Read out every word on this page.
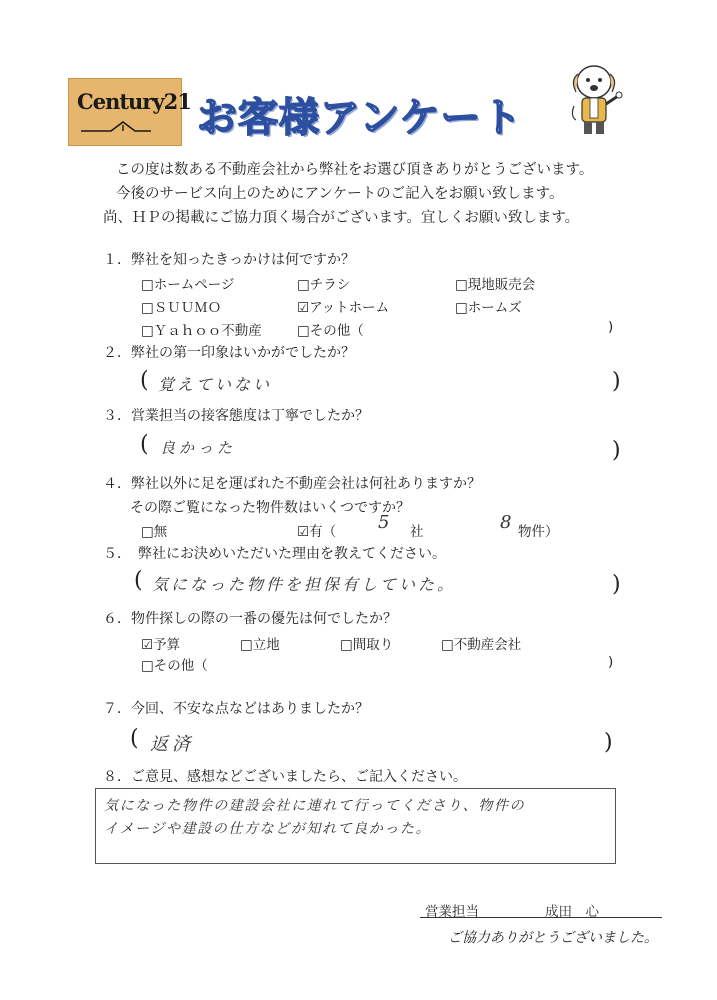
Century21 お客様アンケート
この度は数ある不動産会社から弊社をお選び頂きありがとうございます。
今後のサービス向上のためにアンケートのご記入をお願い致します。
尚、ＨＰの掲載にご協力頂く場合がございます。宜しくお願い致します。
１．弊社を知ったきっかけは何ですか？
□ホームページ	□チラシ	□現地販売会
□ＳＵＵＭＯ	☑アットホーム	□ホームズ
□Ｙａｈｏｏ不動産	□その他（	)
２．弊社の第一印象はいかがでしたか？
( 覚えていない	)
３．営業担当の接客態度は丁寧でしたか？
( 良かった	)
４．弊社以外に足を運ばれた不動産会社は何社ありますか？
その際ご覧になった物件数はいくつですか？
□無	☑有（ 5 社	8 物件）
５．　弊社にお決めいただいた理由を教えてください。
( 気になった物件を担保有していた。	)
６．物件探しの際の一番の優先は何でしたか？
☑予算	□立地	□間取り	□不動産会社
□その他（	)
７．今回、不安な点などはありましたか？
( 返済	)
８．ご意見、感想などございましたら、ご記入ください。
気になった物件の建設会社に連れて行ってくださり、物件の
イメージや建設の仕方などが知れて良かった。
営業担当	成田　心
ご協力ありがとうございました。
